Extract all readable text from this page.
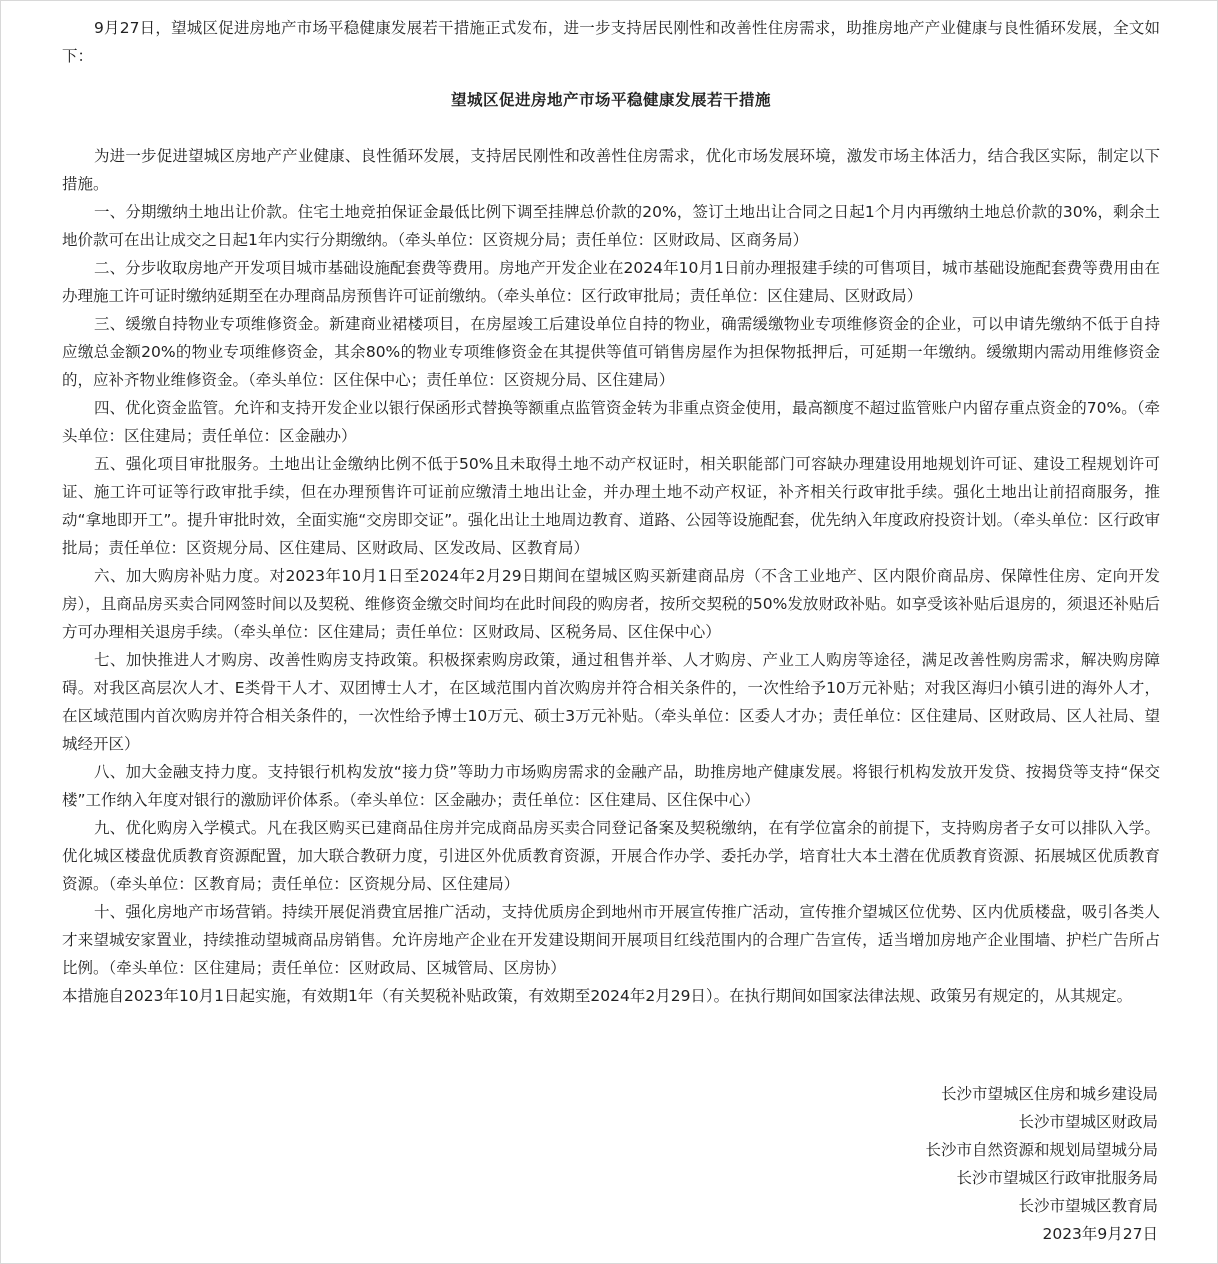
9月27日，望城区促进房地产市场平稳健康发展若干措施正式发布，进一步支持居民刚性和改善性住房需求，助推房地产产业健康与良性循环发展，全文如下：

望城区促进房地产市场平稳健康发展若干措施

为进一步促进望城区房地产产业健康、良性循环发展，支持居民刚性和改善性住房需求，优化市场发展环境，激发市场主体活力，结合我区实际，制定以下措施。

一、分期缴纳土地出让价款。住宅土地竞拍保证金最低比例下调至挂牌总价款的20%，签订土地出让合同之日起1个月内再缴纳土地总价款的30%，剩余土地价款可在出让成交之日起1年内实行分期缴纳。（牵头单位：区资规分局；责任单位：区财政局、区商务局）

二、分步收取房地产开发项目城市基础设施配套费等费用。房地产开发企业在2024年10月1日前办理报建手续的可售项目，城市基础设施配套费等费用由在办理施工许可证时缴纳延期至在办理商品房预售许可证前缴纳。（牵头单位：区行政审批局；责任单位：区住建局、区财政局）

三、缓缴自持物业专项维修资金。新建商业裙楼项目，在房屋竣工后建设单位自持的物业，确需缓缴物业专项维修资金的企业，可以申请先缴纳不低于自持应缴总金额20%的物业专项维修资金，其余80%的物业专项维修资金在其提供等值可销售房屋作为担保物抵押后，可延期一年缴纳。缓缴期内需动用维修资金的，应补齐物业维修资金。（牵头单位：区住保中心；责任单位：区资规分局、区住建局）

四、优化资金监管。允许和支持开发企业以银行保函形式替换等额重点监管资金转为非重点资金使用，最高额度不超过监管账户内留存重点资金的70%。（牵头单位：区住建局；责任单位：区金融办）

五、强化项目审批服务。土地出让金缴纳比例不低于50%且未取得土地不动产权证时，相关职能部门可容缺办理建设用地规划许可证、建设工程规划许可证、施工许可证等行政审批手续，但在办理预售许可证前应缴清土地出让金，并办理土地不动产权证，补齐相关行政审批手续。强化土地出让前招商服务，推动“拿地即开工”。提升审批时效，全面实施“交房即交证”。强化出让土地周边教育、道路、公园等设施配套，优先纳入年度政府投资计划。（牵头单位：区行政审批局；责任单位：区资规分局、区住建局、区财政局、区发改局、区教育局）

六、加大购房补贴力度。对2023年10月1日至2024年2月29日期间在望城区购买新建商品房（不含工业地产、区内限价商品房、保障性住房、定向开发房），且商品房买卖合同网签时间以及契税、维修资金缴交时间均在此时间段的购房者，按所交契税的50%发放财政补贴。如享受该补贴后退房的，须退还补贴后方可办理相关退房手续。（牵头单位：区住建局；责任单位：区财政局、区税务局、区住保中心）

七、加快推进人才购房、改善性购房支持政策。积极探索购房政策，通过租售并举、人才购房、产业工人购房等途径，满足改善性购房需求，解决购房障碍。对我区高层次人才、E类骨干人才、双团博士人才，在区域范围内首次购房并符合相关条件的，一次性给予10万元补贴；对我区海归小镇引进的海外人才，在区域范围内首次购房并符合相关条件的，一次性给予博士10万元、硕士3万元补贴。（牵头单位：区委人才办；责任单位：区住建局、区财政局、区人社局、望城经开区）

八、加大金融支持力度。支持银行机构发放“接力贷”等助力市场购房需求的金融产品，助推房地产健康发展。将银行机构发放开发贷、按揭贷等支持“保交楼”工作纳入年度对银行的激励评价体系。（牵头单位：区金融办；责任单位：区住建局、区住保中心）

九、优化购房入学模式。凡在我区购买已建商品住房并完成商品房买卖合同登记备案及契税缴纳，在有学位富余的前提下，支持购房者子女可以排队入学。优化城区楼盘优质教育资源配置，加大联合教研力度，引进区外优质教育资源，开展合作办学、委托办学，培育壮大本土潜在优质教育资源、拓展城区优质教育资源。（牵头单位：区教育局；责任单位：区资规分局、区住建局）

十、强化房地产市场营销。持续开展促消费宜居推广活动，支持优质房企到地州市开展宣传推广活动，宣传推介望城区位优势、区内优质楼盘，吸引各类人才来望城安家置业，持续推动望城商品房销售。允许房地产企业在开发建设期间开展项目红线范围内的合理广告宣传，适当增加房地产企业围墙、护栏广告所占比例。（牵头单位：区住建局；责任单位：区财政局、区城管局、区房协）

本措施自2023年10月1日起实施，有效期1年（有关契税补贴政策，有效期至2024年2月29日）。在执行期间如国家法律法规、政策另有规定的，从其规定。

长沙市望城区住房和城乡建设局
长沙市望城区财政局
长沙市自然资源和规划局望城分局
长沙市望城区行政审批服务局
长沙市望城区教育局
2023年9月27日
